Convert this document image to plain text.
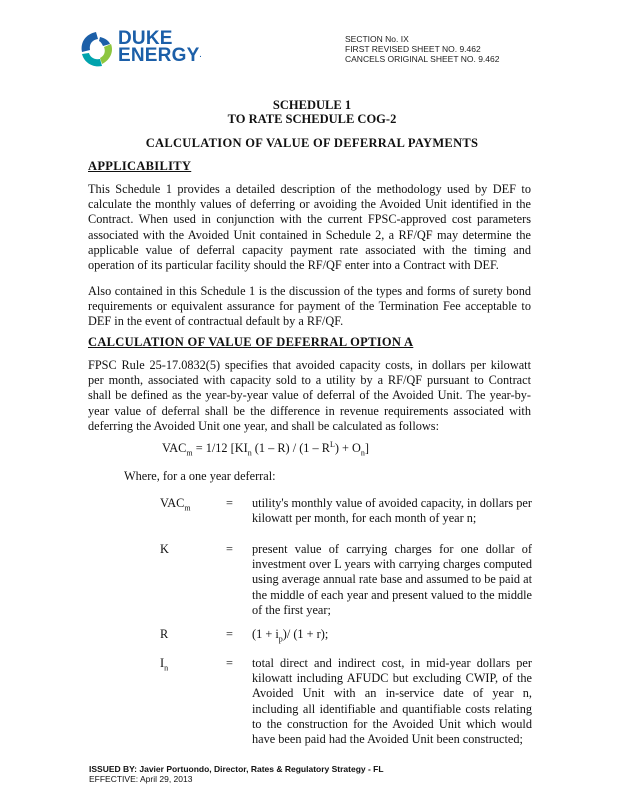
DUKE
ENERGY.
SECTION No. IX
FIRST REVISED SHEET NO. 9.462
CANCELS ORIGINAL SHEET NO. 9.462
SCHEDULE 1
TO RATE SCHEDULE COG-2
CALCULATION OF VALUE OF DEFERRAL PAYMENTS
APPLICABILITY
This Schedule 1 provides a detailed description of the methodology used by DEF to calculate the monthly values of deferring or avoiding the Avoided Unit identified in the Contract. When used in conjunction with the current FPSC-approved cost parameters associated with the Avoided Unit contained in Schedule 2, a RF/QF may determine the applicable value of deferral capacity payment rate associated with the timing and operation of its particular facility should the RF/QF enter into a Contract with DEF.
Also contained in this Schedule 1 is the discussion of the types and forms of surety bond requirements or equivalent assurance for payment of the Termination Fee acceptable to DEF in the event of contractual default by a RF/QF.
CALCULATION OF VALUE OF DEFERRAL OPTION A
FPSC Rule 25-17.0832(5) specifies that avoided capacity costs, in dollars per kilowatt per month, associated with capacity sold to a utility by a RF/QF pursuant to Contract shall be defined as the year-by-year value of deferral of the Avoided Unit. The year-by-year value of deferral shall be the difference in revenue requirements associated with deferring the Avoided Unit one year, and shall be calculated as follows:
$VAC_m = 1/12$ [$KI_n$ $(1 - R) / (1 - R^L) + O_n$]
Where, for a one year deferral:
$VAC_m$	= utility's monthly value of avoided capacity, in dollars per kilowatt per month, for each month of year n;
K	= present value of carrying charges for one dollar of investment over L years with carrying charges computed using average annual rate base and assumed to be paid at the middle of each year and present valued to the middle of the first year;
R	= $(1 + i_p)/$ (1 + r);
$I_n$	= total direct and indirect cost, in mid-year dollars per kilowatt including AFUDC but excluding CWIP, of the Avoided Unit with an in-service date of year n, including all identifiable and quantifiable costs relating to the construction for the Avoided Unit which would have been paid had the Avoided Unit been constructed;
ISSUED BY: Javier Portuondo, Director, Rates & Regulatory Strategy - FL
EFFECTIVE: April 29, 2013
